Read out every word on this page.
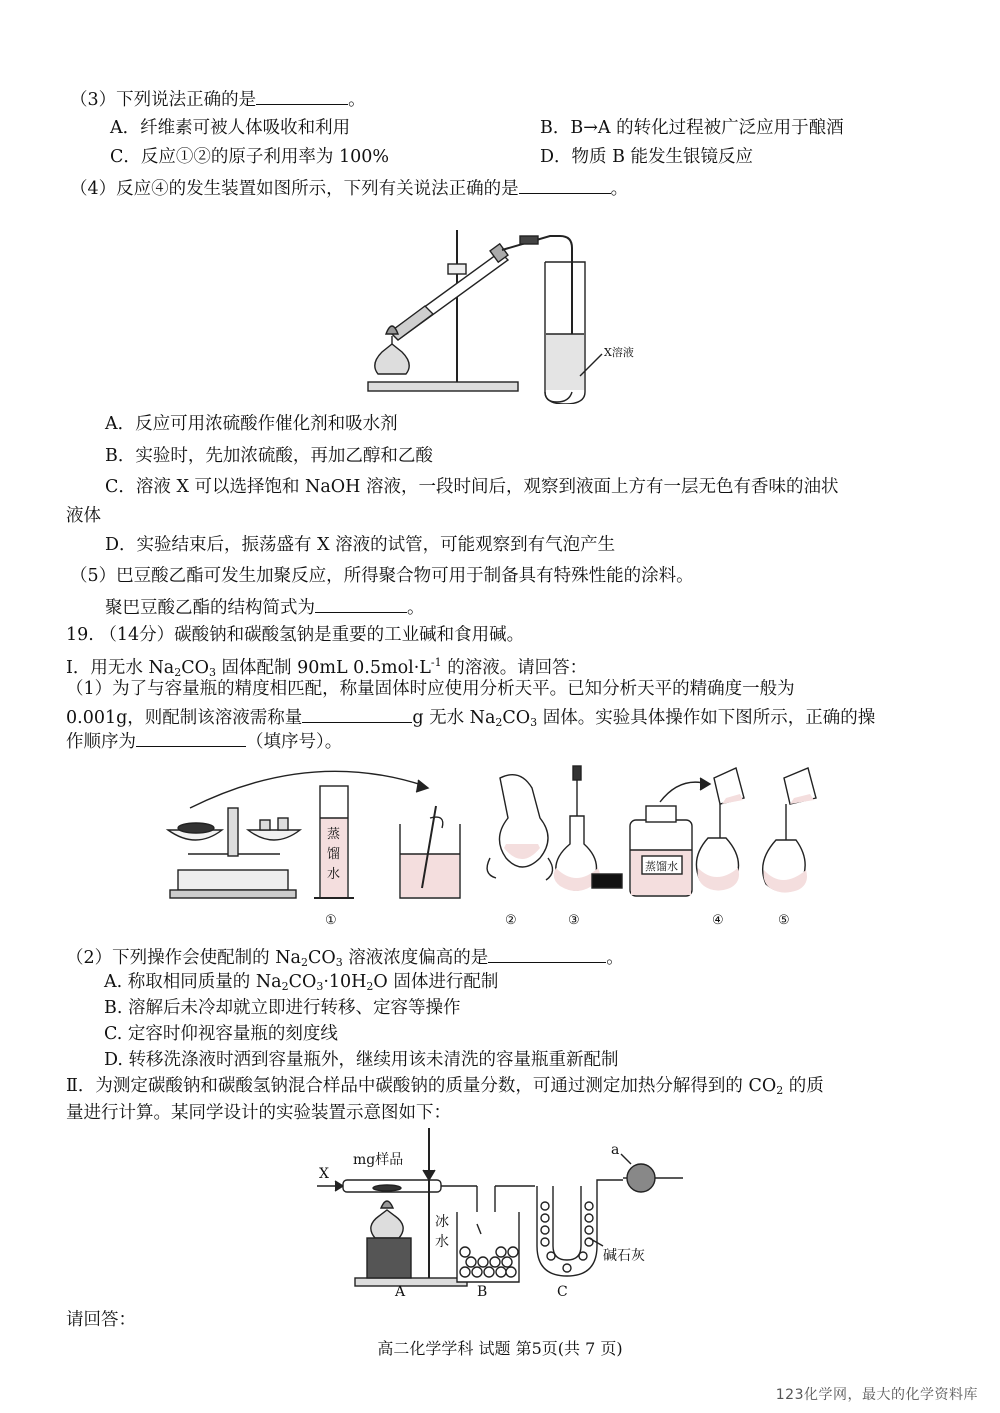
（3）下列说法正确的是	。
A．纤维素可被人体吸收和利用	B．B→A 的转化过程被广泛应用于酿酒
C．反应①②的原子利用率为 100%	D．物质 B 能发生银镜反应
（4）反应④的发生装置如图所示，下列有关说法正确的是	。
X溶液
A．反应可用浓硫酸作催化剂和吸水剂
B．实验时，先加浓硫酸，再加乙醇和乙酸
C．溶液 X 可以选择饱和 NaOH 溶液，一段时间后，观察到液面上方有一层无色有香味的油状
液体
D．实验结束后，振荡盛有 X 溶液的试管，可能观察到有气泡产生
（5）巴豆酸乙酯可发生加聚反应，所得聚合物可用于制备具有特殊性能的涂料。
聚巴豆酸乙酯的结构简式为	。
19. （14分）碳酸钠和碳酸氢钠是重要的工业碱和食用碱。
I．用无水 $Na_2CO_3$ 固体配制 90mL $0.5mol\cdot L^{-1}$ 的溶液。请回答：
（1）为了与容量瓶的精度相匹配，称量固体时应使用分析天平。已知分析天平的精确度一般为
0.001g，则配制该溶液需称量	g 无水 $Na_2CO_3$ 固体。实验具体操作如下图所示，正确的操
作顺序为	（填序号）。
蒸
馏
水
蒸馏水
①	②	③	④	⑤
（2）下列操作会使配制的 $Na_2CO_3$ 溶液浓度偏高的是	。
A. 称取相同质量的 $Na_2CO_3\cdot 10H_2O$ 固体进行配制
B. 溶解后未冷却就立即进行转移、定容等操作
C. 定容时仰视容量瓶的刻度线
D. 转移洗涤液时洒到容量瓶外，继续用该未清洗的容量瓶重新配制
Ⅱ．为测定碳酸钠和碳酸氢钠混合样品中碳酸钠的质量分数，可通过测定加热分解得到的 $CO_2$ 的质
量进行计算。某同学设计的实验装置示意图如下：
X
mg样品
冰
水
碱石灰
a
A	B	C
请回答：
高二化学学科 试题 第5页(共 7 页)
123化学网，最大的化学资料库
